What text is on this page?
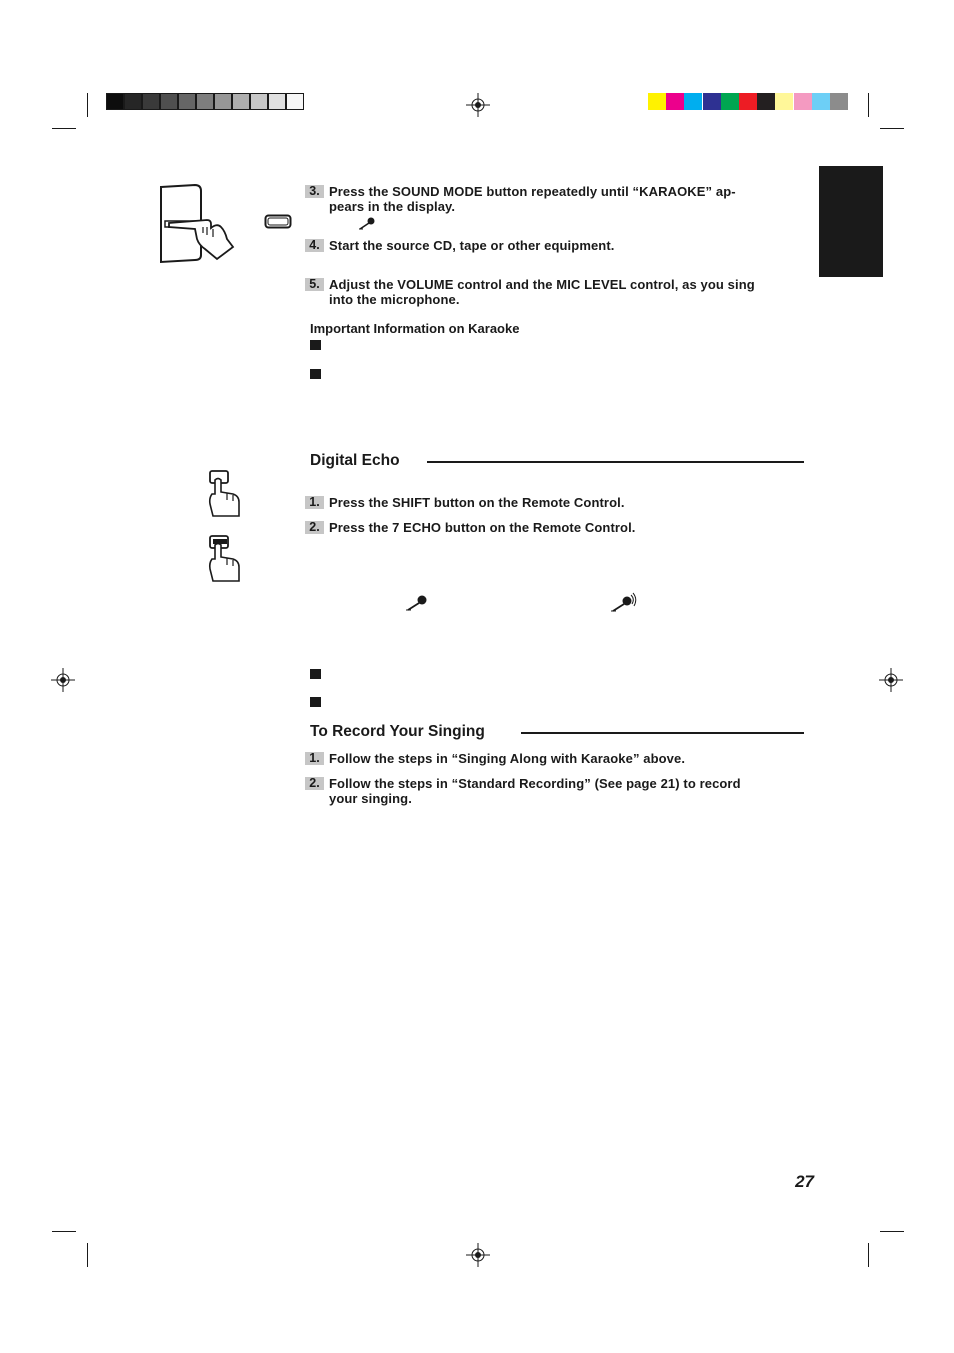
3. Press the SOUND MODE button repeatedly until “KARAOKE” ap-
pears in the display.
4. Start the source CD, tape or other equipment.
5. Adjust the VOLUME control and the MIC LEVEL control, as you sing
into the microphone.
Important Information on Karaoke
Digital Echo
1. Press the SHIFT button on the Remote Control.
2. Press the 7 ECHO button on the Remote Control.
To Record Your Singing
1. Follow the steps in “Singing Along with Karaoke” above.
2. Follow the steps in “Standard Recording” (See page 21) to record
your singing.
27
